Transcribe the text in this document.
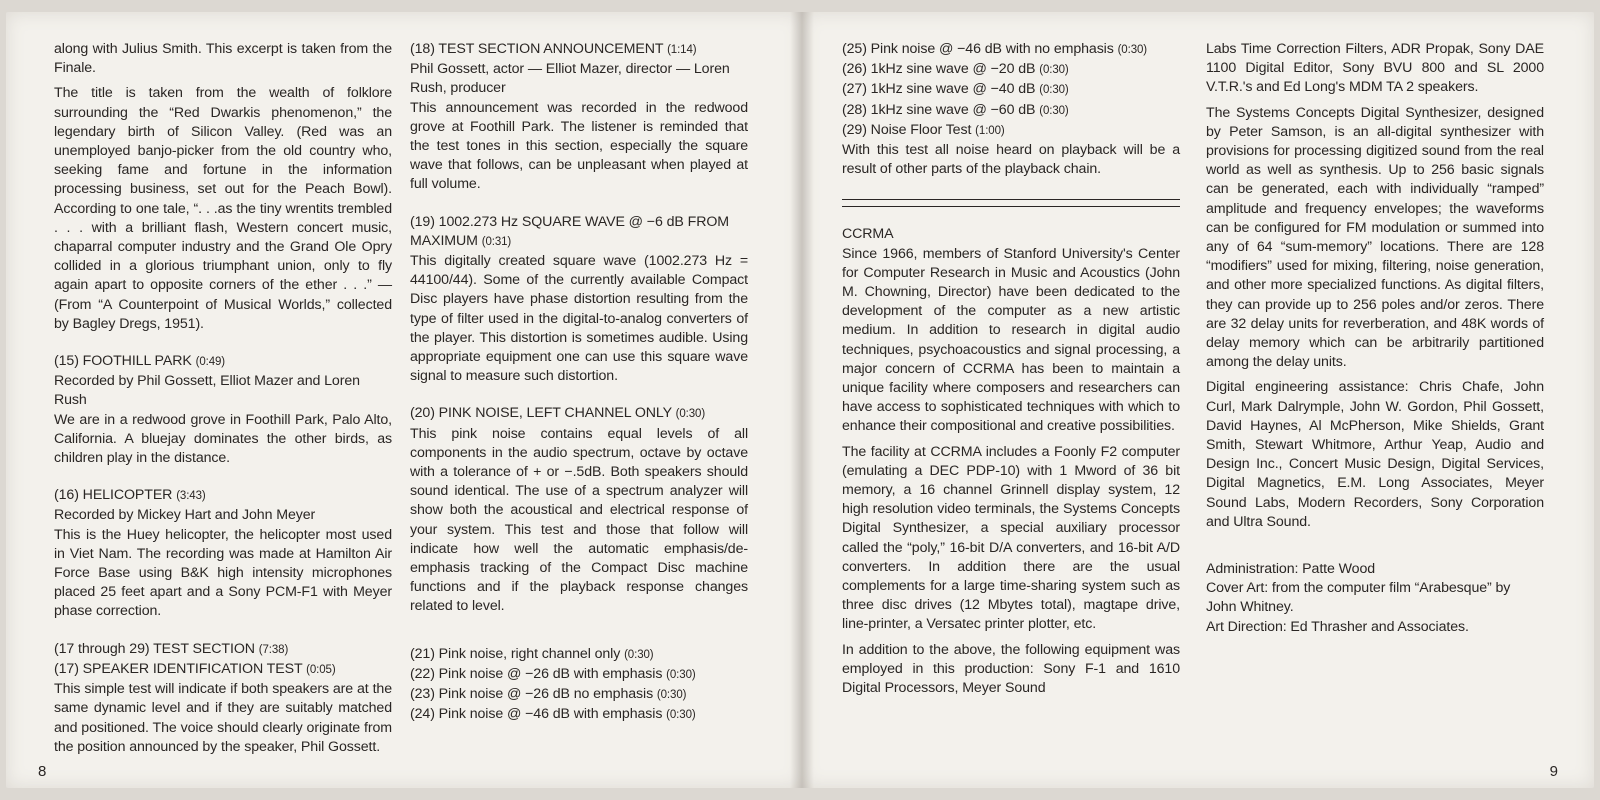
along with Julius Smith. This excerpt is taken from the Finale.

The title is taken from the wealth of folklore surrounding the “Red Dwarkis phenomenon,” the legendary birth of Silicon Valley. (Red was an unemployed banjo-picker from the old country who, seeking fame and fortune in the information processing business, set out for the Peach Bowl). According to one tale, “. . .as the tiny wrentits trembled . . . with a brilliant flash, Western concert music, chaparral computer industry and the Grand Ole Opry collided in a glorious triumphant union, only to fly again apart to opposite corners of the ether . . .” —(From “A Counterpoint of Musical Worlds,” collected by Bagley Dregs, 1951).

(15) FOOTHILL PARK (0:49)

Recorded by Phil Gossett, Elliot Mazer and Loren Rush

We are in a redwood grove in Foothill Park, Palo Alto, California. A bluejay dominates the other birds, as children play in the distance.

(16) HELICOPTER (3:43)

Recorded by Mickey Hart and John Meyer

This is the Huey helicopter, the helicopter most used in Viet Nam. The recording was made at Hamilton Air Force Base using B&K high intensity microphones placed 25 feet apart and a Sony PCM-F1 with Meyer phase correction.

(17 through 29) TEST SECTION (7:38)
(17) SPEAKER IDENTIFICATION TEST (0:05)

This simple test will indicate if both speakers are at the same dynamic level and if they are suitably matched and positioned. The voice should clearly originate from the position announced by the speaker, Phil Gossett.

(18) TEST SECTION ANNOUNCEMENT (1:14)

Phil Gossett, actor — Elliot Mazer, director — Loren Rush, producer

This announcement was recorded in the redwood grove at Foothill Park. The listener is reminded that the test tones in this section, especially the square wave that follows, can be unpleasant when played at full volume.

(19) 1002.273 Hz SQUARE WAVE @ −6 dB FROM MAXIMUM (0:31)

This digitally created square wave (1002.273 Hz = 44100/44). Some of the currently available Compact Disc players have phase distortion resulting from the type of filter used in the digital-to-analog converters of the player. This distortion is sometimes audible. Using appropriate equipment one can use this square wave signal to measure such distortion.

(20) PINK NOISE, LEFT CHANNEL ONLY (0:30)

This pink noise contains equal levels of all components in the audio spectrum, octave by octave with a tolerance of + or −.5dB. Both speakers should sound identical. The use of a spectrum analyzer will show both the acoustical and electrical response of your system. This test and those that follow will indicate how well the automatic emphasis/de-emphasis tracking of the Compact Disc machine functions and if the playback response changes related to level.

(21) Pink noise, right channel only (0:30)
(22) Pink noise @ −26 dB with emphasis (0:30)
(23) Pink noise @ −26 dB no emphasis (0:30)
(24) Pink noise @ −46 dB with emphasis (0:30)
8
(25) Pink noise @ −46 dB with no emphasis (0:30)
(26) 1kHz sine wave @ −20 dB (0:30)
(27) 1kHz sine wave @ −40 dB (0:30)
(28) 1kHz sine wave @ −60 dB (0:30)
(29) Noise Floor Test (1:00)

With this test all noise heard on playback will be a result of other parts of the playback chain.

CCRMA

Since 1966, members of Stanford University's Center for Computer Research in Music and Acoustics (John M. Chowning, Director) have been dedicated to the development of the computer as a new artistic medium. In addition to research in digital audio techniques, psychoacoustics and signal processing, a major concern of CCRMA has been to maintain a unique facility where composers and researchers can have access to sophisticated techniques with which to enhance their compositional and creative possibilities.

The facility at CCRMA includes a Foonly F2 computer (emulating a DEC PDP-10) with 1 Mword of 36 bit memory, a 16 channel Grinnell display system, 12 high resolution video terminals, the Systems Concepts Digital Synthesizer, a special auxiliary processor called the “poly,” 16-bit D/A converters, and 16-bit A/D converters. In addition there are the usual complements for a large time-sharing system such as three disc drives (12 Mbytes total), magtape drive, line-printer, a Versatec printer plotter, etc.

In addition to the above, the following equipment was employed in this production: Sony F-1 and 1610 Digital Processors, Meyer Sound

Labs Time Correction Filters, ADR Propak, Sony DAE 1100 Digital Editor, Sony BVU 800 and SL 2000 V.T.R.'s and Ed Long's MDM TA 2 speakers.

The Systems Concepts Digital Synthesizer, designed by Peter Samson, is an all-digital synthesizer with provisions for processing digitized sound from the real world as well as synthesis. Up to 256 basic signals can be generated, each with individually “ramped” amplitude and frequency envelopes; the waveforms can be configured for FM modulation or summed into any of 64 “sum-memory” locations. There are 128 “modifiers” used for mixing, filtering, noise generation, and other more specialized functions. As digital filters, they can provide up to 256 poles and/or zeros. There are 32 delay units for reverberation, and 48K words of delay memory which can be arbitrarily partitioned among the delay units.

Digital engineering assistance: Chris Chafe, John Curl, Mark Dalrymple, John W. Gordon, Phil Gossett, David Haynes, Al McPherson, Mike Shields, Grant Smith, Stewart Whitmore, Arthur Yeap, Audio and Design Inc., Concert Music Design, Digital Services, Digital Magnetics, E.M. Long Associates, Meyer Sound Labs, Modern Recorders, Sony Corporation and Ultra Sound.

Administration: Patte Wood

Cover Art: from the computer film “Arabesque” by John Whitney.

Art Direction: Ed Thrasher and Associates.

9
